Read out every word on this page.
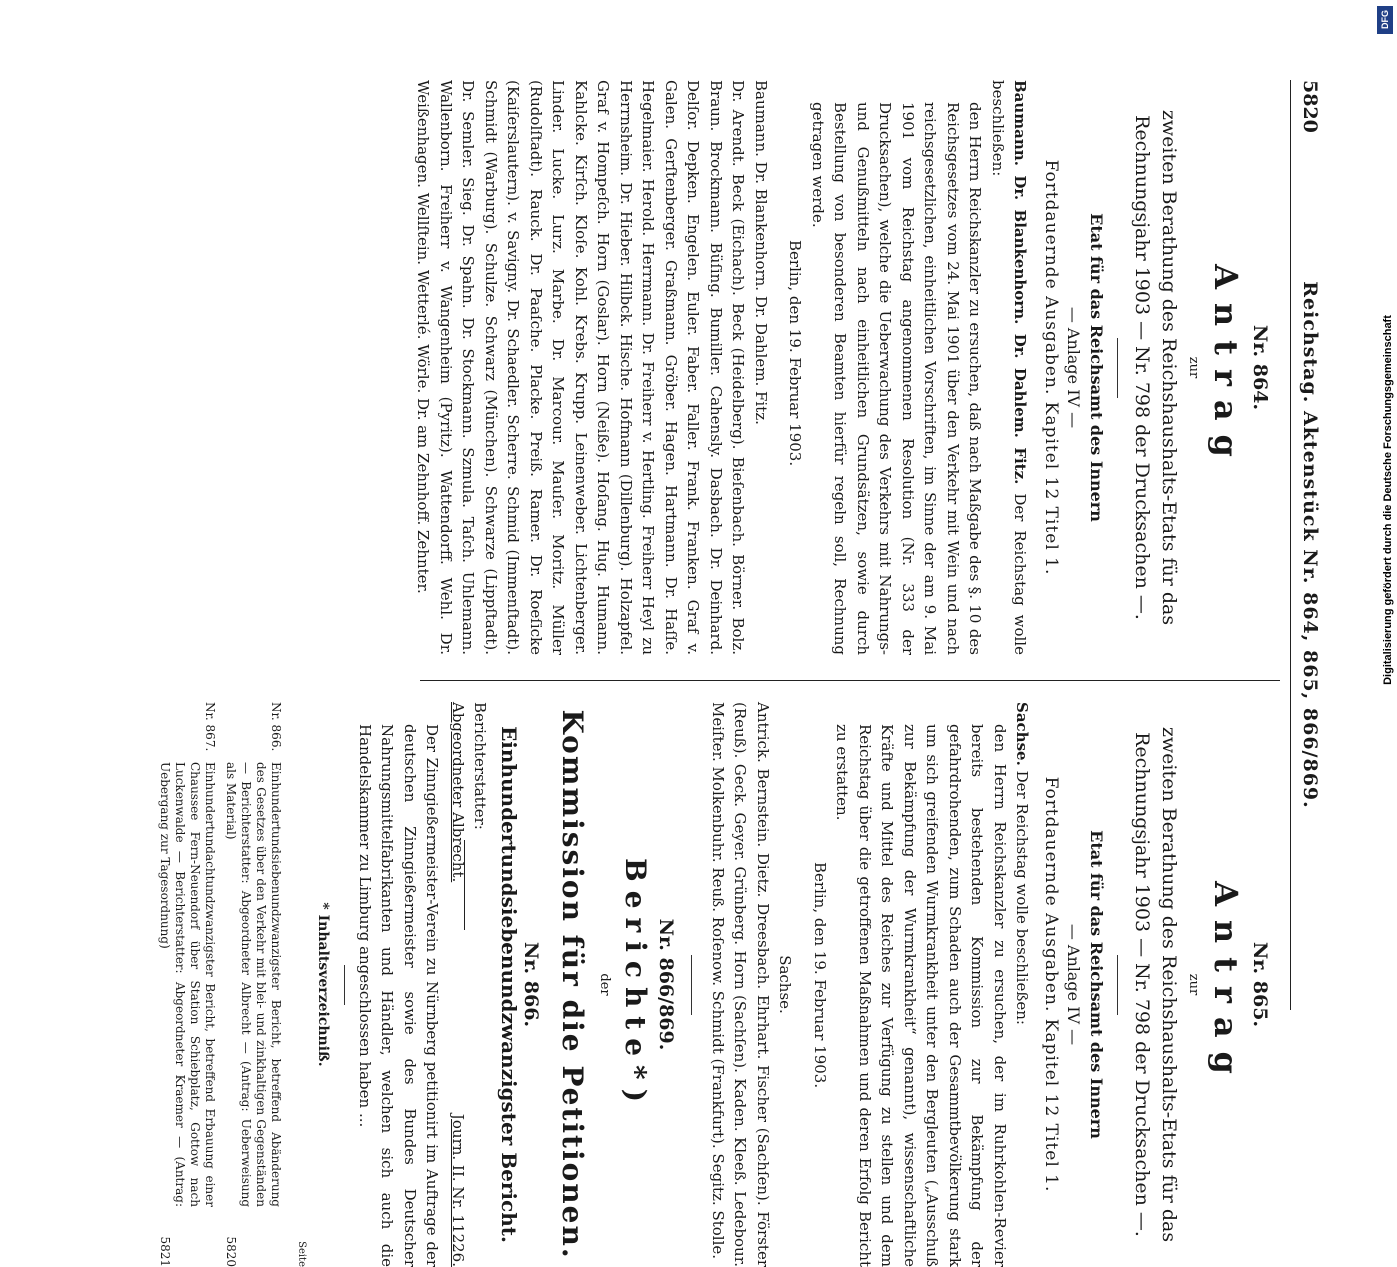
5820
Reichstag. Aktenstück Nr. 864, 865, 866/869.
Nr. 864.
Antrag
zur
zweiten Berathung des Reichshaushalts-Etats für das Rechnungsjahr 1903 — Nr. 798 der Drucksachen —.
Etat für das Reichsamt des Innern
— Anlage IV —
Fortdauernde Ausgaben. Kapitel 12 Titel 1.
Baumann. Dr. Blankenhorn. Dr. Dahlem. Fitz. Der Reichstag wolle beschließen:
den Herrn Reichskanzler zu ersuchen, daß nach Maßgabe des §. 10 des Reichsgesetzes vom 24. Mai 1901 über den Verkehr mit Wein und nach reichsgesetzlichen, einheitlichen Vorschriften, im Sinne der am 9. Mai 1901 vom Reichstag angenommenen Resolution (Nr. 333 der Drucksachen), welche die Ueberwachung des Verkehrs mit Nahrungs- und Genußmitteln nach einheitlichen Grundsätzen, sowie durch Bestellung von besonderen Beamten hierfür regeln soll, Rechnung getragen werde.
Berlin, den 19. Februar 1903.
Baumann. Dr. Blankenhorn. Dr. Dahlem. Fitz.
Dr. Arendt. Beck (Eichach). Beck (Heidelberg). Bieſenbach. Börner. Bolz. Braun. Brockmann. Büſing. Bumiller. Cahensly. Dasbach. Dr. Deinhard. Delſor. Depken. Engelen. Euler. Faber. Faller. Frank. Franken. Graf v. Galen. Gerſtenberger. Graßmann. Gröber. Hagen. Hartmann. Dr. Haſſe. Hegelmaier. Herold. Herrmann. Dr. Freiherr v. Hertling. Freiherr Heyl zu Herrnsheim. Dr. Hieber. Hilbck. Hische. Hofmann (Dillenburg). Holzapfel. Graf v. Hompeſch. Horn (Goslar). Horn (Neiße). Hoſang. Hug. Humann. Kahlcke. Kirſch. Kloſe. Kohl. Krebs. Krupp. Leinenweber. Lichtenberger. Linder. Lucke. Lurz. Marbe. Dr. Marcour. Mauſer. Moritz. Müller (Rudolſtadt). Rauck. Dr. Paaſche. Placke. Preiß. Ramer. Dr. Roeſicke (Kaiſerslautern). v. Savigny. Dr. Schaedler. Scherre. Schmid (Immenſtadt). Schmidt (Warburg). Schulze. Schwarz (München). Schwarze (Lippſtadt). Dr. Semler. Sieg. Dr. Spahn. Dr. Stockmann. Szmula. Taſch. Uhlemann. Wallenborn. Freiherr v. Wangenheim (Pyritz). Wattendorff. Wehl. Dr. Weißenhagen. Wellſtein. Wetterlé. Wörle. Dr. am Zehnhoff. Zehnter.
Nr. 865.
Antrag
zur
zweiten Berathung des Reichshaushalts-Etats für das Rechnungsjahr 1903 — Nr. 798 der Drucksachen —.
Etat für das Reichsamt des Innern
— Anlage IV —
Fortdauernde Ausgaben. Kapitel 12 Titel 1.
Sachse. Der Reichstag wolle beschließen:
den Herrn Reichskanzler zu ersuchen, der im Ruhrkohlen-Revier bereits bestehenden Kommission zur Bekämpfung der gefahrdrohenden, zum Schaden auch der Gesammtbevölkerung stark um sich greifenden Wurmkrankheit unter den Bergleuten („Ausschuß zur Bekämpfung der Wurmkrankheit“ genannt), wissenschaftliche Kräfte und Mittel des Reiches zur Verfügung zu stellen und dem Reichstag über die getroffenen Maßnahmen und deren Erfolg Bericht zu erstatten.
Berlin, den 19. Februar 1903.
Sachse.
Antrick. Bernstein. Dietz. Dreesbach. Ehrhart. Fischer (Sachſen). Förster (Reuß). Geck. Geyer. Grünberg. Horn (Sachſen). Kaden. Kleeß. Ledebour. Meiſter. Molkenbuhr. Reuß. Roſenow. Schmidt (Frankfurt). Segitz. Stolle.
Nr. 866/869.
Berichte*)
der
Kommission für die Petitionen.
Nr. 866.
Einhundertundsiebenundzwanzigster Bericht.
Berichterstatter:
Abgeordneter Albrecht.
Journ. II. Nr. 11226.
Der Zinngießermeister-Verein zu Nürnberg petitionirt im Auftrage der deutschen Zinngießermeister sowie des Bundes Deutscher Nahrungsmittelfabrikanten und Händler, welchen sich auch die Handelskammer zu Limburg angeschlossen haben ...
* Inhaltsverzeichniß.
Seite
Nr. 866.
Einhundertundsiebenundzwanzigster Bericht, betreffend Abänderung des Gesetzes über den Verkehr mit blei- und zinkhaltigen Gegenständen — Berichterstatter: Abgeordneter Albrecht — (Antrag: Ueberweisung als Material)
5820
Nr. 867.
Einhundertundachtundzwanzigster Bericht, betreffend Erbauung einer Chaussee Fern-Neuendorf über Station Schiebplatz, Gottow nach Luckenwalde — Berichterstatter: Abgeordneter Kraemer — (Antrag: Uebergang zur Tagesordnung)
5821
DFG
Digitalisierung gefördert durch die Deutsche Forschungsgemeinschaft
